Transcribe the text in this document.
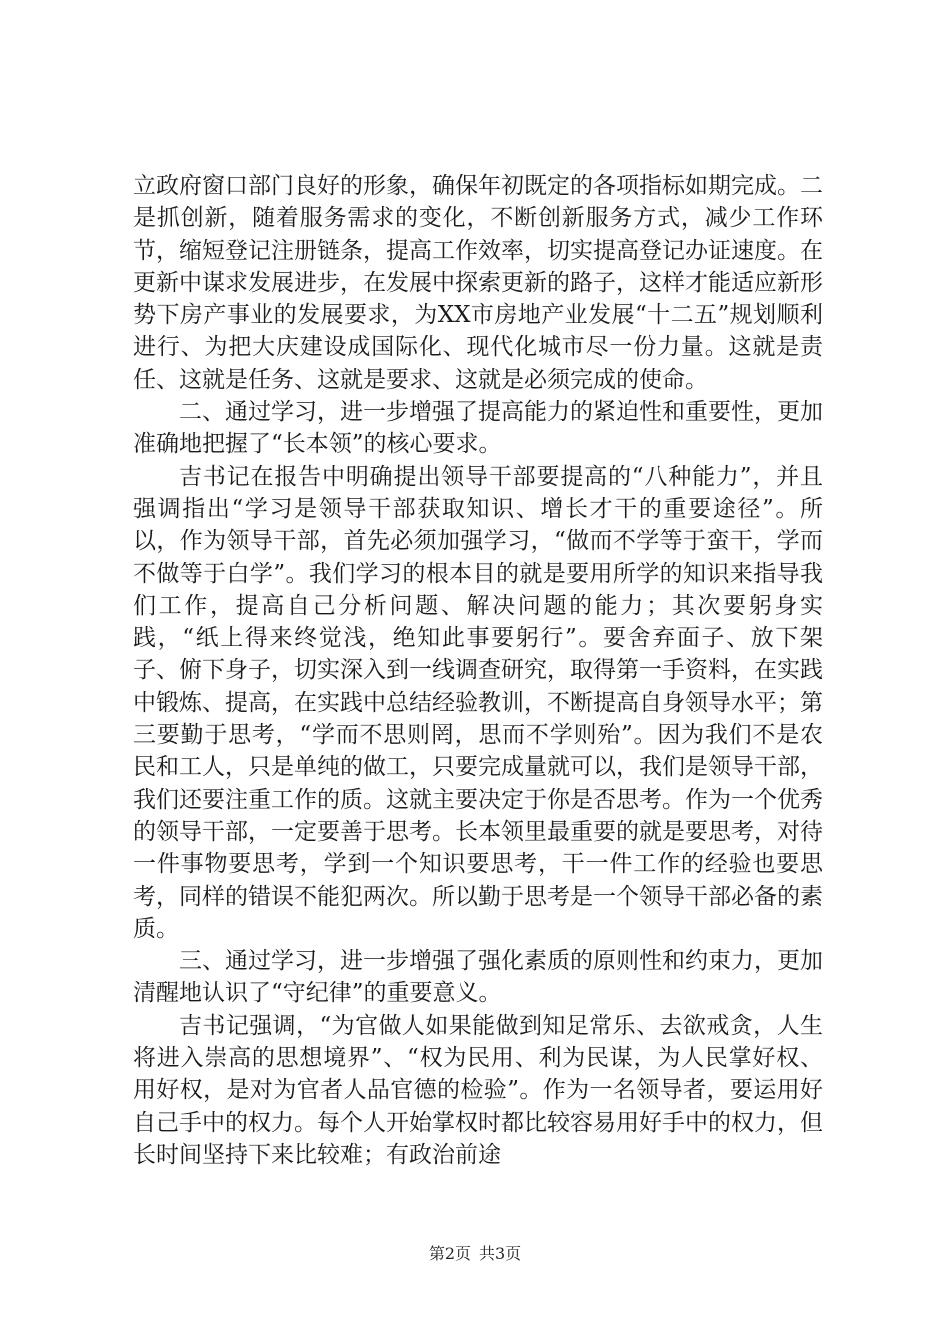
立政府窗口部门良好的形象，确保年初既定的各项指标如期完成。二是抓创新，随着服务需求的变化，不断创新服务方式，减少工作环节，缩短登记注册链条，提高工作效率，切实提高登记办证速度。在更新中谋求发展进步，在发展中探索更新的路子，这样才能适应新形势下房产事业的发展要求，为XX市房地产业发展“十二五”规划顺利进行、为把大庆建设成国际化、现代化城市尽一份力量。这就是责任、这就是任务、这就是要求、这就是必须完成的使命。

二、通过学习，进一步增强了提高能力的紧迫性和重要性，更加准确地把握了“长本领”的核心要求。

吉书记在报告中明确提出领导干部要提高的“八种能力”，并且强调指出“学习是领导干部获取知识、增长才干的重要途径”。所以，作为领导干部，首先必须加强学习，“做而不学等于蛮干，学而不做等于白学”。我们学习的根本目的就是要用所学的知识来指导我们工作，提高自己分析问题、解决问题的能力；其次要躬身实践，“纸上得来终觉浅，绝知此事要躬行”。要舍弃面子、放下架子、俯下身子，切实深入到一线调查研究，取得第一手资料，在实践中锻炼、提高，在实践中总结经验教训，不断提高自身领导水平；第三要勤于思考，“学而不思则罔，思而不学则殆”。因为我们不是农民和工人，只是单纯的做工，只要完成量就可以，我们是领导干部，我们还要注重工作的质。这就主要决定于你是否思考。作为一个优秀的领导干部，一定要善于思考。长本领里最重要的就是要思考，对待一件事物要思考，学到一个知识要思考，干一件工作的经验也要思考，同样的错误不能犯两次。所以勤于思考是一个领导干部必备的素质。

三、通过学习，进一步增强了强化素质的原则性和约束力，更加清醒地认识了“守纪律”的重要意义。

吉书记强调，“为官做人如果能做到知足常乐、去欲戒贪，人生将进入崇高的思想境界”、“权为民用、利为民谋，为人民掌好权、用好权，是对为官者人品官德的检验”。作为一名领导者，要运用好自己手中的权力。每个人开始掌权时都比较容易用好手中的权力，但长时间坚持下来比较难；有政治前途

第2页 共3页
